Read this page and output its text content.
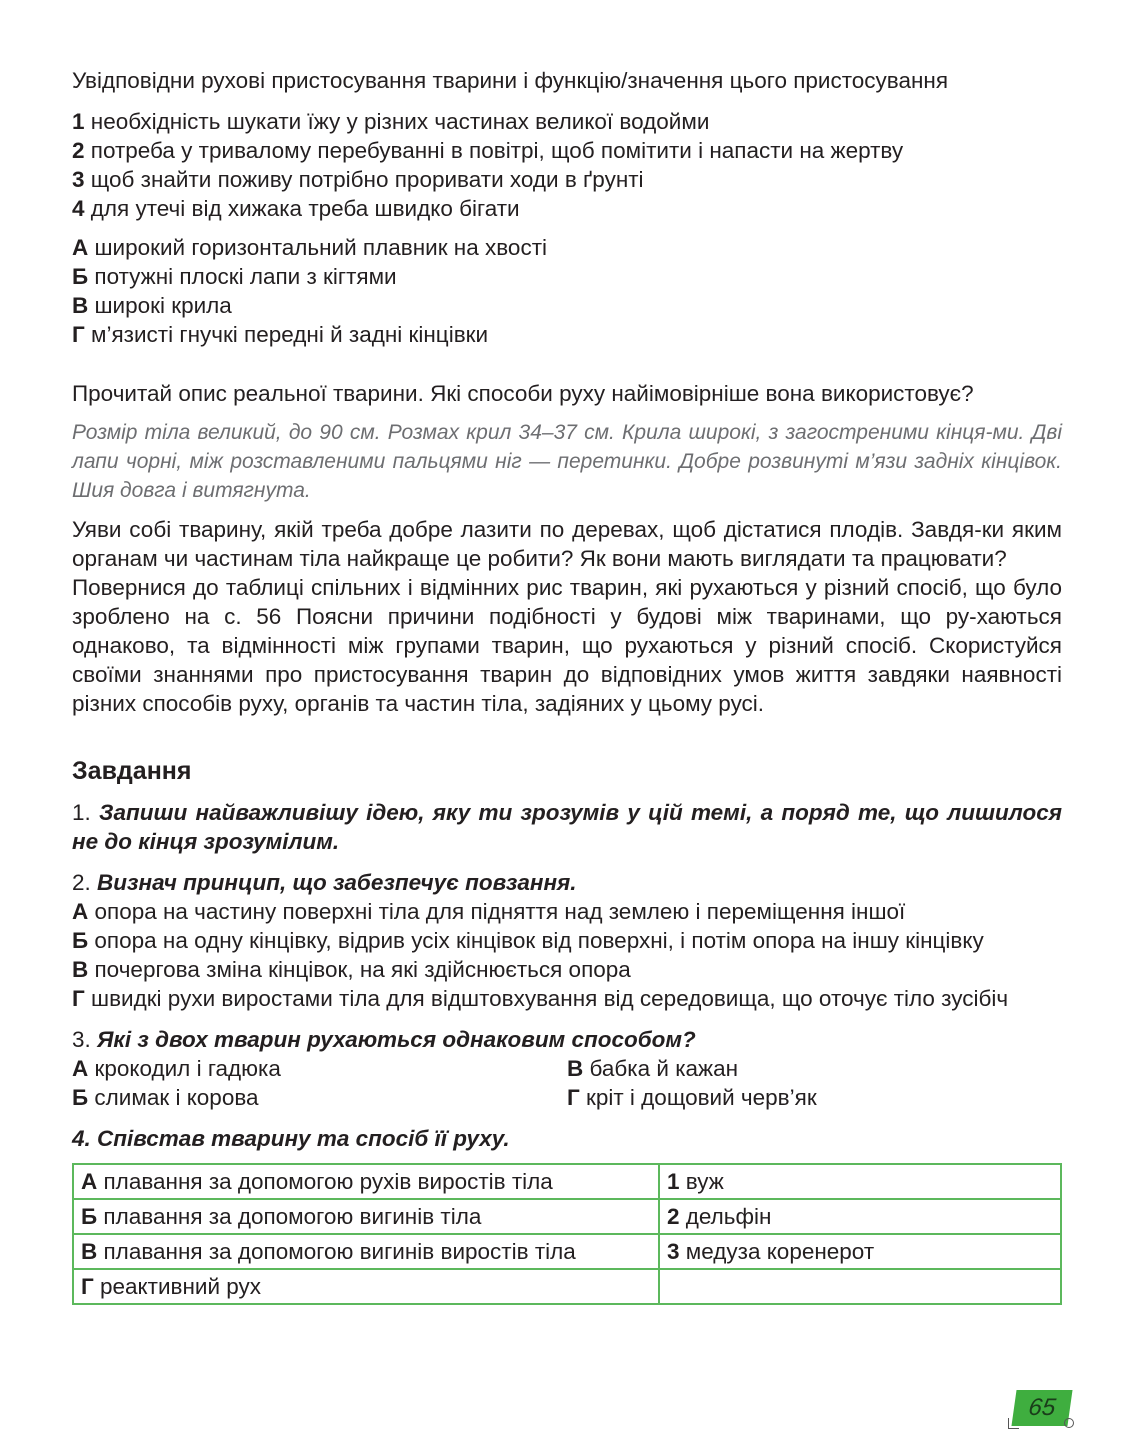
Увідповідни рухові пристосування тварини і функцію/значення цього пристосування

1 необхідність шукати їжу у різних частинах великої водойми

2 потреба у тривалому перебуванні в повітрі, щоб помітити і напасти на жертву

3 щоб знайти поживу потрібно проривати ходи в ґрунті

4 для утечі від хижака треба швидко бігати

А широкий горизонтальний плавник на хвості

Б потужні плоскі лапи з кігтями

В широкі крила

Г м’язисті гнучкі передні й задні кінцівки

Прочитай опис реальної тварини. Які способи руху найімовірніше вона використовує?

Розмір тіла великий, до 90 см. Розмах крил 34–37 см. Крила широкі, з загостреними кінця-ми. Дві лапи чорні, між розставленими пальцями ніг — перетинки. Добре розвинуті м’язи задніх кінцівок. Шия довга і витягнута.

Уяви собі тварину, якій треба добре лазити по деревах, щоб дістатися плодів. Завдя-ки яким органам чи частинам тіла найкраще це робити? Як вони мають виглядати та працювати?

Повернися до таблиці спільних і відмінних рис тварин, які рухаються у різний спосіб, що було зроблено на с. 56 Поясни причини подібності у будові між тваринами, що ру-хаються однаково, та відмінності між групами тварин, що рухаються у різний спосіб. Скористуйся своїми знаннями про пристосування тварин до відповідних умов життя завдяки наявності різних способів руху, органів та частин тіла, задіяних у цьому русі.

Завдання

1. Запиши найважливішу ідею, яку ти зрозумів у цій темі, а поряд те, що лишилося не до кінця зрозумілим.

2. Визнач принцип, що забезпечує повзання.

А опора на частину поверхні тіла для підняття над землею і переміщення іншої

Б опора на одну кінцівку, відрив усіх кінцівок від поверхні, і потім опора на іншу кінцівку

В почергова зміна кінцівок, на які здійснюється опора

Г швидкі рухи виростами тіла для відштовхування від середовища, що оточує тіло зусібіч

3. Які з двох тварин рухаються однаковим способом?

А крокодил і гадюка	В бабка й кажан
Б слимак і корова	Г кріт і дощовий черв’як

4. Співстав тварину та спосіб її руху.

А плавання за допомогою рухів виростів тіла	1 вуж
Б плавання за допомогою вигинів тіла	2 дельфін
В плавання за допомогою вигинів виростів тіла	3 медуза коренерот
Г реактивний рух	
65
